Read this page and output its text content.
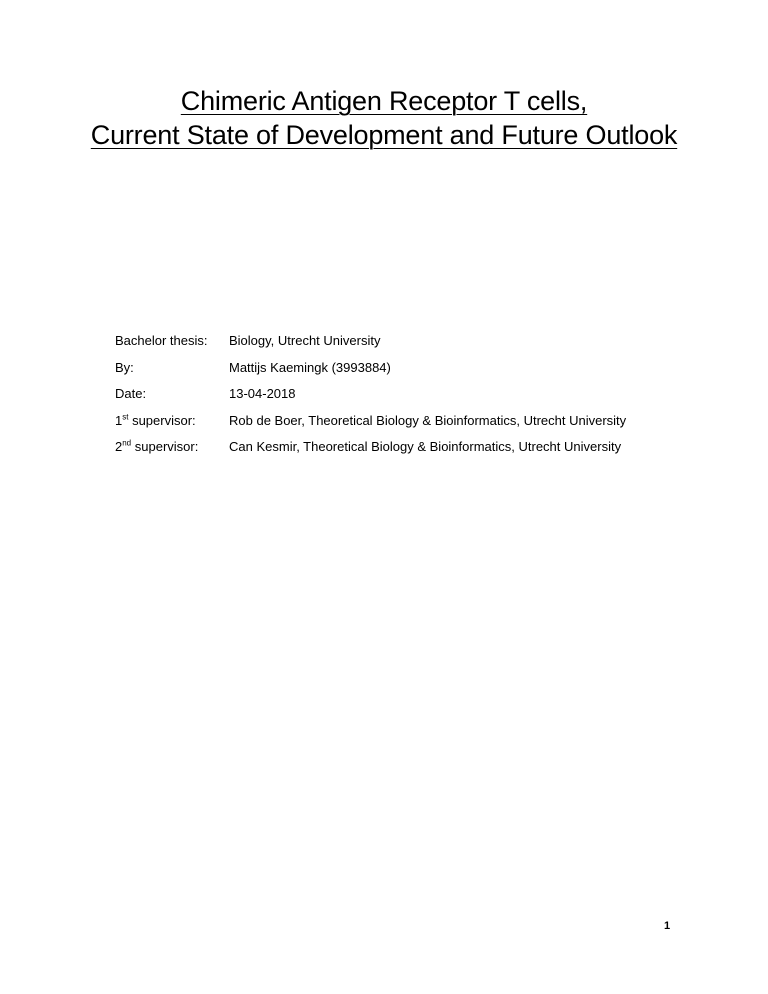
Chimeric Antigen Receptor T cells,
Current State of Development and Future Outlook
Bachelor thesis:	Biology, Utrecht University
By:	Mattijs Kaemingk (3993884)
Date:	13-04-2018
1st supervisor:	Rob de Boer, Theoretical Biology & Bioinformatics, Utrecht University
2nd supervisor:	Can Kesmir, Theoretical Biology & Bioinformatics, Utrecht University
1
